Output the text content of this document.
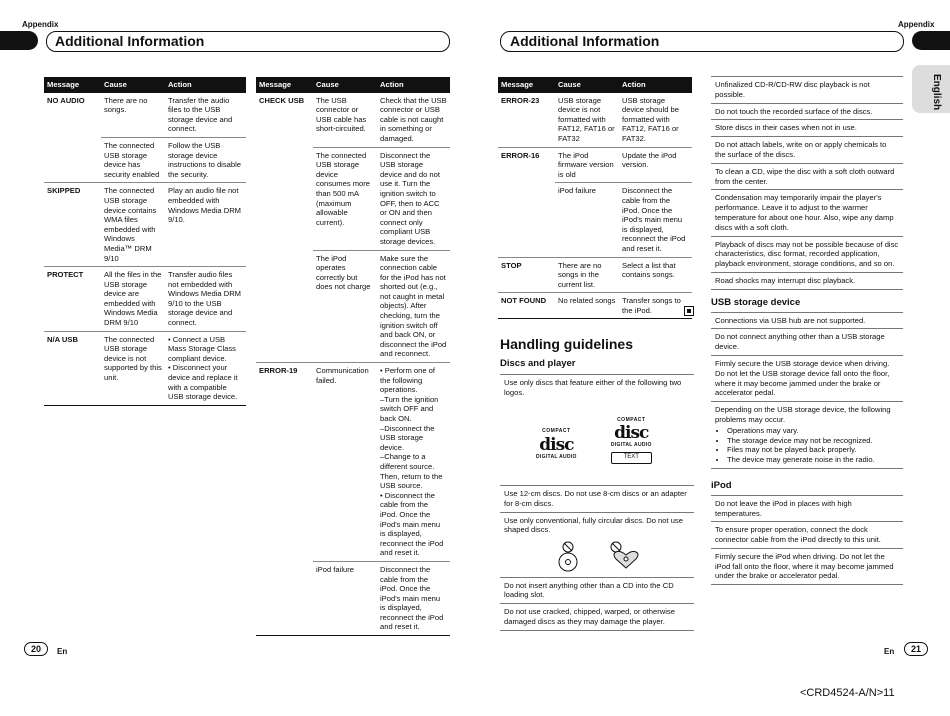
Appendix
Additional Information
Appendix
Additional Information
English
Message	Cause	Action
NO AUDIO	There are no songs.	Transfer the audio files to the USB storage device and connect.
	The connected USB storage device has security enabled	Follow the USB storage device instructions to disable the security.
SKIPPED	The connected USB storage device contains WMA files embedded with Windows Media™ DRM 9/10	Play an audio file not embedded with Windows Media DRM 9/10.
PROTECT	All the files in the USB storage device are embedded with Windows Media DRM 9/10	Transfer audio files not embedded with Windows Media DRM 9/10 to the USB storage device and connect.
N/A USB	The connected USB storage device is not supported by this unit.	• Connect a USB Mass Storage Class compliant device.
• Disconnect your device and replace it with a compatible USB storage device.
Message	Cause	Action
CHECK USB	The USB connector or USB cable has short-circuited.	Check that the USB connector or USB cable is not caught in something or damaged.
	The connected USB storage device consumes more than 500 mA (maximum allowable current).	Disconnect the USB storage device and do not use it. Turn the ignition switch to OFF, then to ACC or ON and then connect only compliant USB storage devices.
	The iPod operates correctly but does not charge	Make sure the connection cable for the iPod has not shorted out (e.g., not caught in metal objects). After checking, turn the ignition switch off and back ON, or disconnect the iPod and reconnect.
ERROR-19	Communication failed.	• Perform one of the following operations.
–Turn the ignition switch OFF and back ON.
–Disconnect the USB storage device.
–Change to a different source. Then, return to the USB source.
• Disconnect the cable from the iPod. Once the iPod's main menu is displayed, reconnect the iPod and reset it.
	iPod failure	Disconnect the cable from the iPod. Once the iPod's main menu is displayed, reconnect the iPod and reset it.
Message	Cause	Action
ERROR-23	USB storage device is not formatted with FAT12, FAT16 or FAT32	USB storage device should be formatted with FAT12, FAT16 or FAT32.
ERROR-16	The iPod firmware version is old	Update the iPod version.
	iPod failure	Disconnect the cable from the iPod. Once the iPod's main menu is displayed, reconnect the iPod and reset it.
STOP	There are no songs in the current list.	Select a list that contains songs.
NOT FOUND	No related songs	Transfer songs to the iPod.
Handling guidelines
Discs and player
Use only discs that feature either of the following two logos.
COMPACT
disc
DIGITAL AUDIO

COMPACT
disc
DIGITAL AUDIO
TEXT
Use 12-cm discs. Do not use 8-cm discs or an adapter for 8-cm discs.
Use only conventional, fully circular discs. Do not use shaped discs.
Do not insert anything other than a CD into the CD loading slot.
Do not use cracked, chipped, warped, or otherwise damaged discs as they may damage the player.
Unfinalized CD-R/CD-RW disc playback is not possible.
Do not touch the recorded surface of the discs.
Store discs in their cases when not in use.
Do not attach labels, write on or apply chemicals to the surface of the discs.
To clean a CD, wipe the disc with a soft cloth outward from the center.
Condensation may temporarily impair the player's performance. Leave it to adjust to the warmer temperature for about one hour. Also, wipe any damp discs with a soft cloth.
Playback of discs may not be possible because of disc characteristics, disc format, recorded application, playback environment, storage conditions, and so on.
Road shocks may interrupt disc playback.
USB storage device
Connections via USB hub are not supported.
Do not connect anything other than a USB storage device.
Firmly secure the USB storage device when driving. Do not let the USB storage device fall onto the floor, where it may become jammed under the brake or accelerator pedal.
Depending on the USB storage device, the following problems may occur.
• Operations may vary.
• The storage device may not be recognized.
• Files may not be played back properly.
• The device may generate noise in the radio.
iPod
Do not leave the iPod in places with high temperatures.
To ensure proper operation, connect the dock connector cable from the iPod directly to this unit.
Firmly secure the iPod when driving. Do not let the iPod fall onto the floor, where it may become jammed under the brake or accelerator pedal.
20	En	En	21
<CRD4524-A/N>11
